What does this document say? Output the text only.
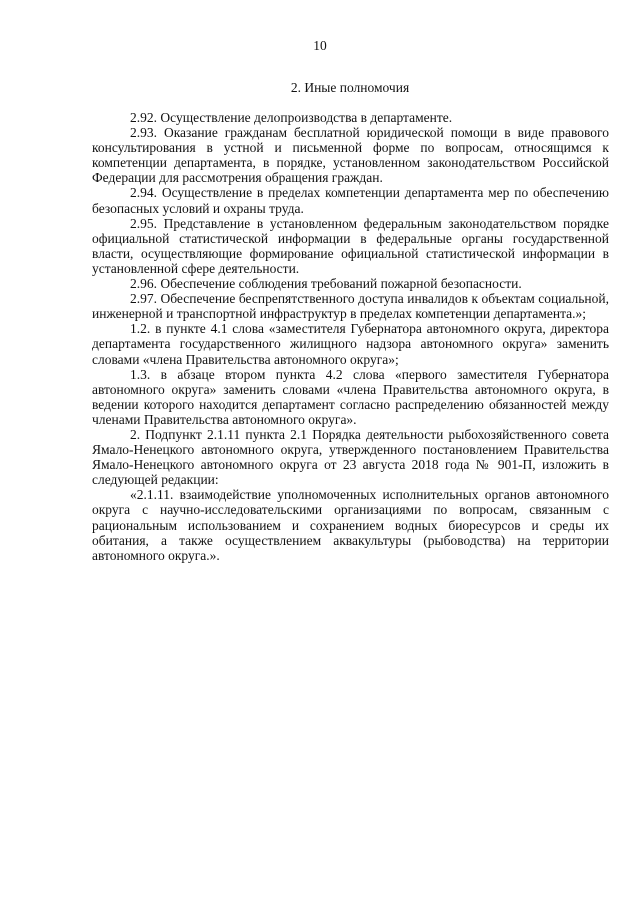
10
2. Иные полномочия

2.92. Осуществление делопроизводства в департаменте.

2.93. Оказание гражданам бесплатной юридической помощи в виде правового консультирования в устной и письменной форме по вопросам, относящимся к компетенции департамента, в порядке, установленном законодательством Российской Федерации для рассмотрения обращения граждан.

2.94. Осуществление в пределах компетенции департамента мер по обеспечению безопасных условий и охраны труда.

2.95. Представление в установленном федеральным законодательством порядке официальной статистической информации в федеральные органы государственной власти, осуществляющие формирование официальной статистической информации в установленной сфере деятельности.

2.96. Обеспечение соблюдения требований пожарной безопасности.

2.97. Обеспечение беспрепятственного доступа инвалидов к объектам социальной, инженерной и транспортной инфраструктур в пределах компетенции департамента.»;

1.2. в пункте 4.1 слова «заместителя Губернатора автономного округа, директора департамента государственного жилищного надзора автономного округа» заменить словами «члена Правительства автономного округа»;

1.3. в абзаце втором пункта 4.2 слова «первого заместителя Губернатора автономного округа» заменить словами «члена Правительства автономного округа, в ведении которого находится департамент согласно распределению обязанностей между членами Правительства автономного округа».

2. Подпункт 2.1.11 пункта 2.1 Порядка деятельности рыбохозяйственного совета Ямало-Ненецкого автономного округа, утвержденного постановлением Правительства Ямало-Ненецкого автономного округа от 23 августа 2018 года № 901-П, изложить в следующей редакции:

«2.1.11. взаимодействие уполномоченных исполнительных органов автономного округа с научно-исследовательскими организациями по вопросам, связанным с рациональным использованием и сохранением водных биоресурсов и среды их обитания, а также осуществлением аквакультуры (рыбоводства) на территории автономного округа.».
